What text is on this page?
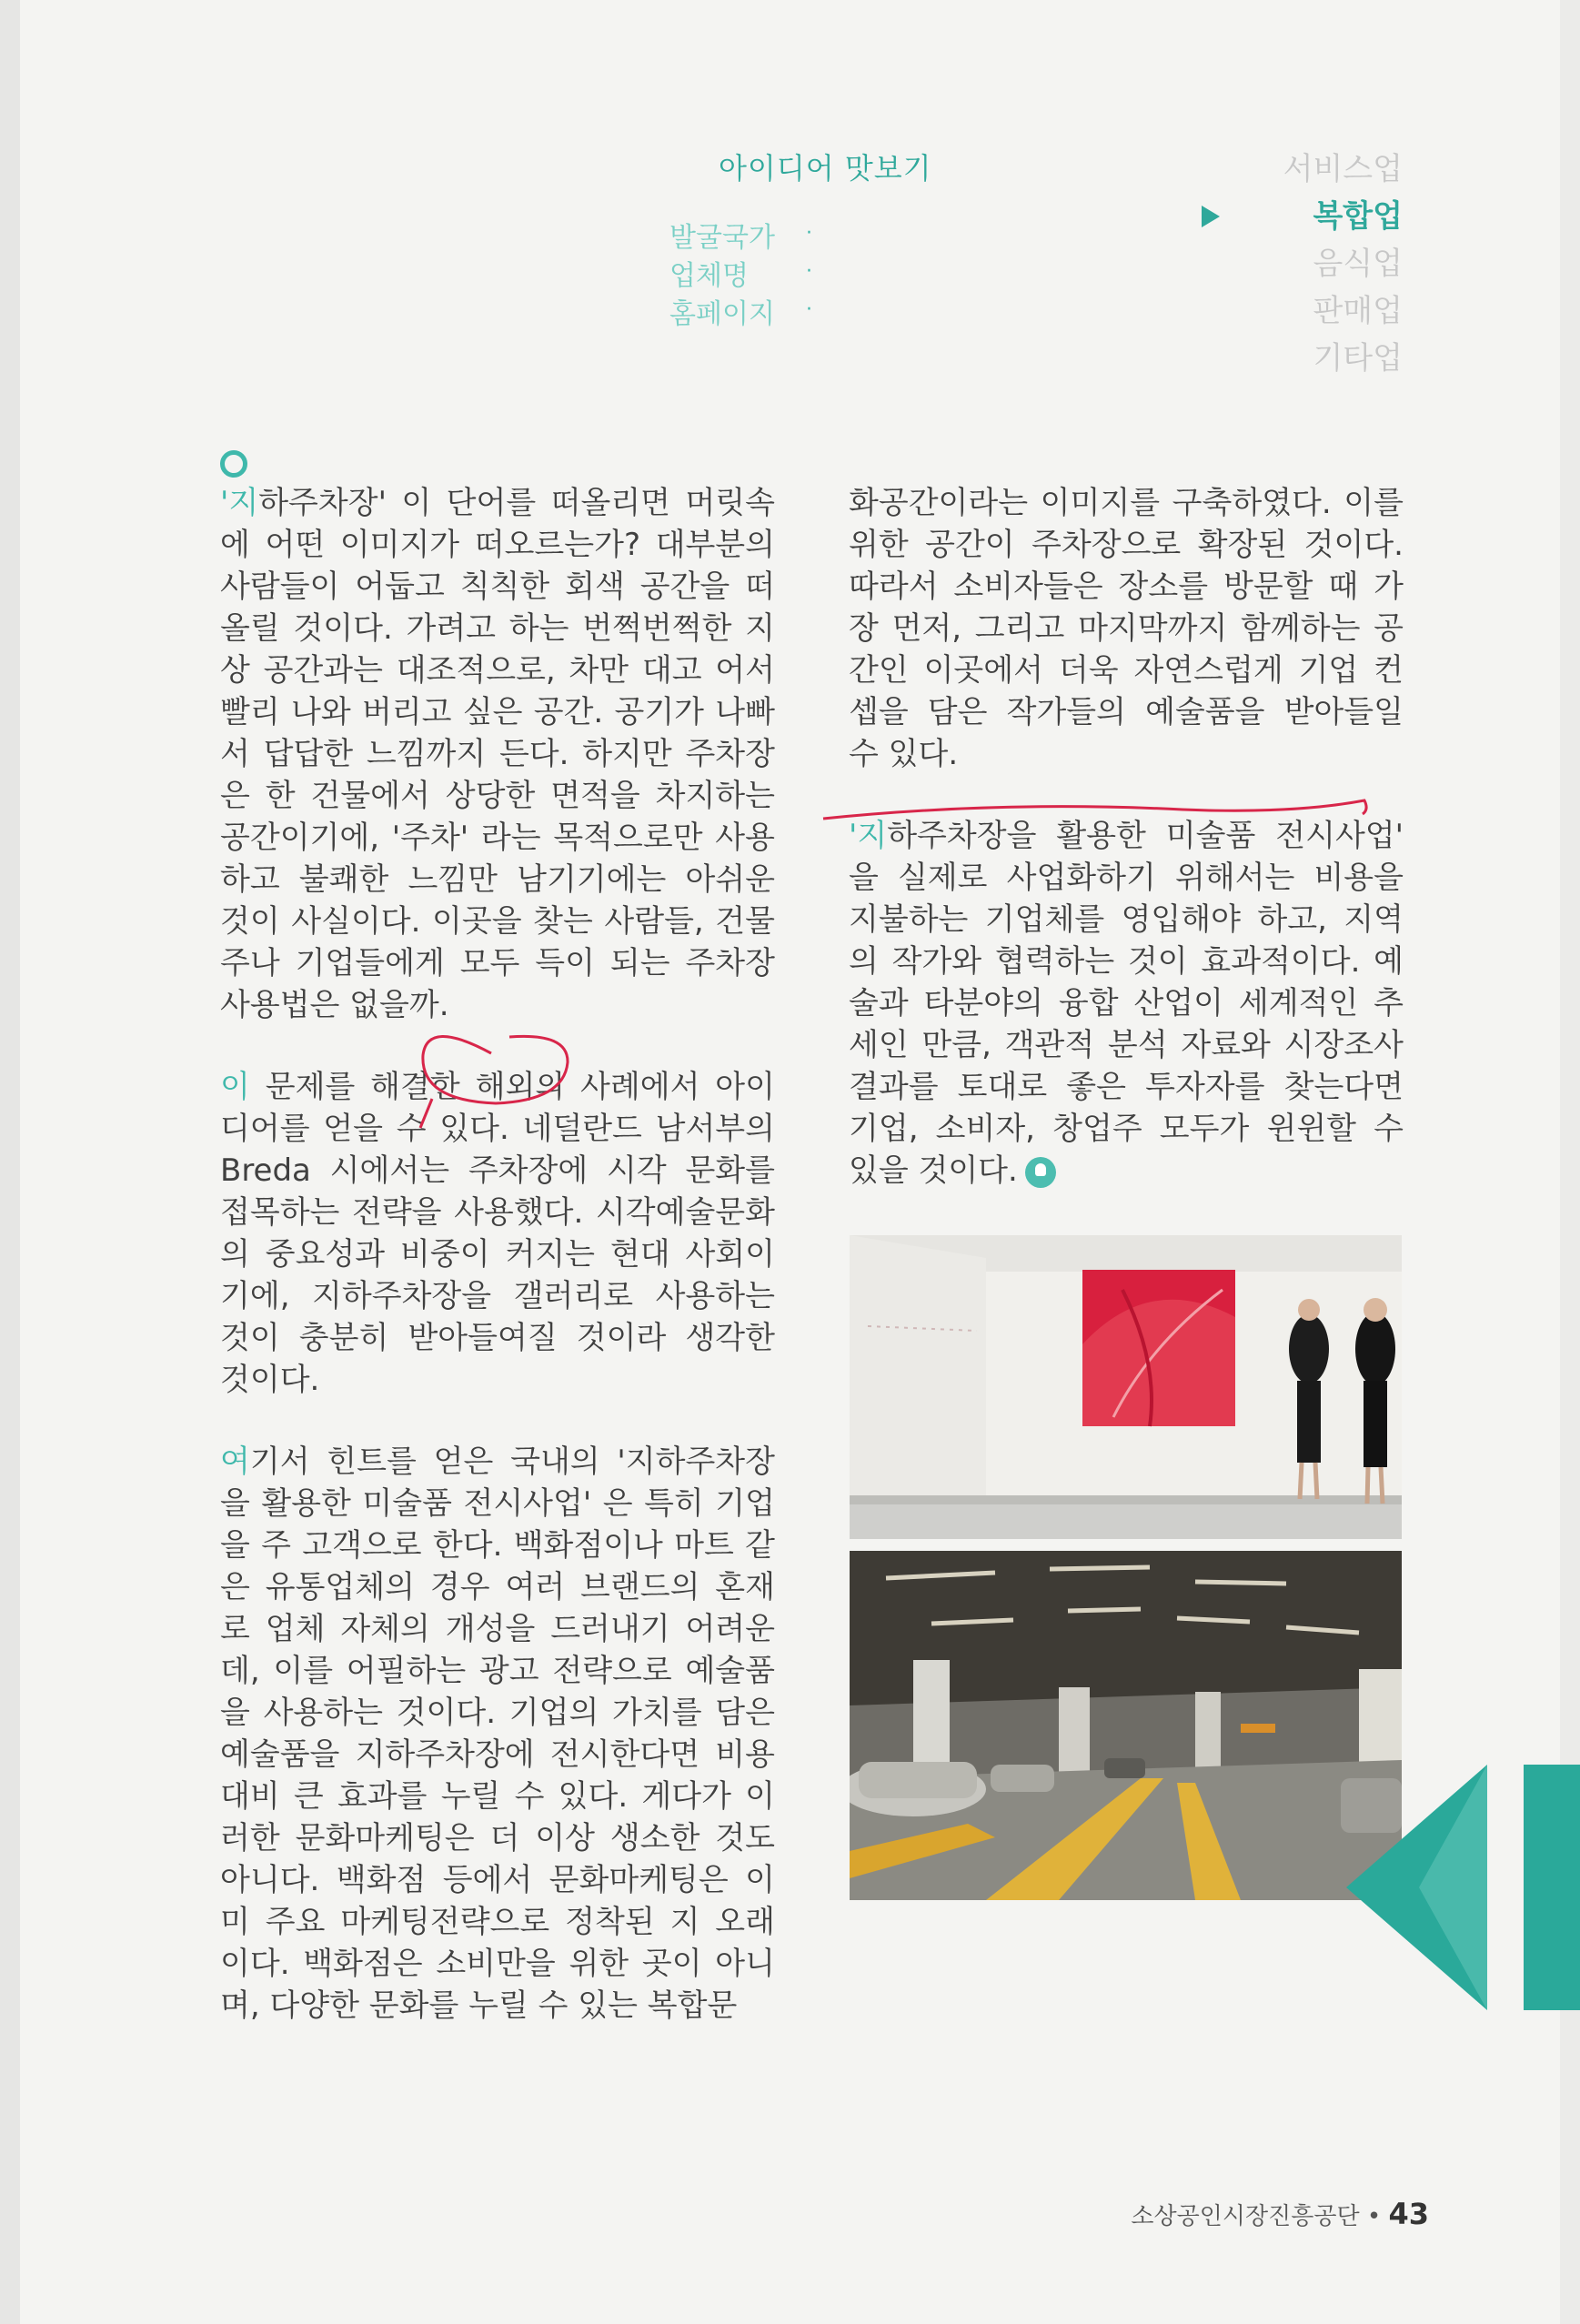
아이디어 맛보기
발굴국가	·
업체명	·
홈페이지	·
서비스업
복합업
음식업
판매업
기타업

'지하주차장' 이 단어를 떠올리면 머릿속에 어떤 이미지가 떠오르는가? 대부분의 사람들이 어둡고 칙칙한 회색 공간을 떠올릴 것이다. 가려고 하는 번쩍번쩍한 지상 공간과는 대조적으로, 차만 대고 어서 빨리 나와 버리고 싶은 공간. 공기가 나빠서 답답한 느낌까지 든다. 하지만 주차장은 한 건물에서 상당한 면적을 차지하는 공간이기에, '주차' 라는 목적으로만 사용하고 불쾌한 느낌만 남기기에는 아쉬운 것이 사실이다. 이곳을 찾는 사람들, 건물주나 기업들에게 모두 득이 되는 주차장 사용법은 없을까.

이 문제를 해결한 해외의 사례에서 아이디어를 얻을 수 있다. 네덜란드 남서부의 Breda 시에서는 주차장에 시각 문화를 접목하는 전략을 사용했다. 시각예술문화의 중요성과 비중이 커지는 현대 사회이기에, 지하주차장을 갤러리로 사용하는 것이 충분히 받아들여질 것이라 생각한 것이다.

여기서 힌트를 얻은 국내의 '지하주차장을 활용한 미술품 전시사업' 은 특히 기업을 주 고객으로 한다. 백화점이나 마트 같은 유통업체의 경우 여러 브랜드의 혼재로 업체 자체의 개성을 드러내기 어려운데, 이를 어필하는 광고 전략으로 예술품을 사용하는 것이다. 기업의 가치를 담은 예술품을 지하주차장에 전시한다면 비용대비 큰 효과를 누릴 수 있다. 게다가 이러한 문화마케팅은 더 이상 생소한 것도 아니다. 백화점 등에서 문화마케팅은 이미 주요 마케팅전략으로 정착된 지 오래이다. 백화점은 소비만을 위한 곳이 아니며, 다양한 문화를 누릴 수 있는 복합문

화공간이라는 이미지를 구축하였다. 이를 위한 공간이 주차장으로 확장된 것이다. 따라서 소비자들은 장소를 방문할 때 가장 먼저, 그리고 마지막까지 함께하는 공간인 이곳에서 더욱 자연스럽게 기업 컨셉을 담은 작가들의 예술품을 받아들일 수 있다.

'지하주차장을 활용한 미술품 전시사업' 을 실제로 사업화하기 위해서는 비용을 지불하는 기업체를 영입해야 하고, 지역의 작가와 협력하는 것이 효과적이다. 예술과 타분야의 융합 산업이 세계적인 추세인 만큼, 객관적 분석 자료와 시장조사결과를 토대로 좋은 투자자를 찾는다면 기업, 소비자, 창업주 모두가 윈윈할 수 있을 것이다.

소상공인시장진흥공단 • 43
